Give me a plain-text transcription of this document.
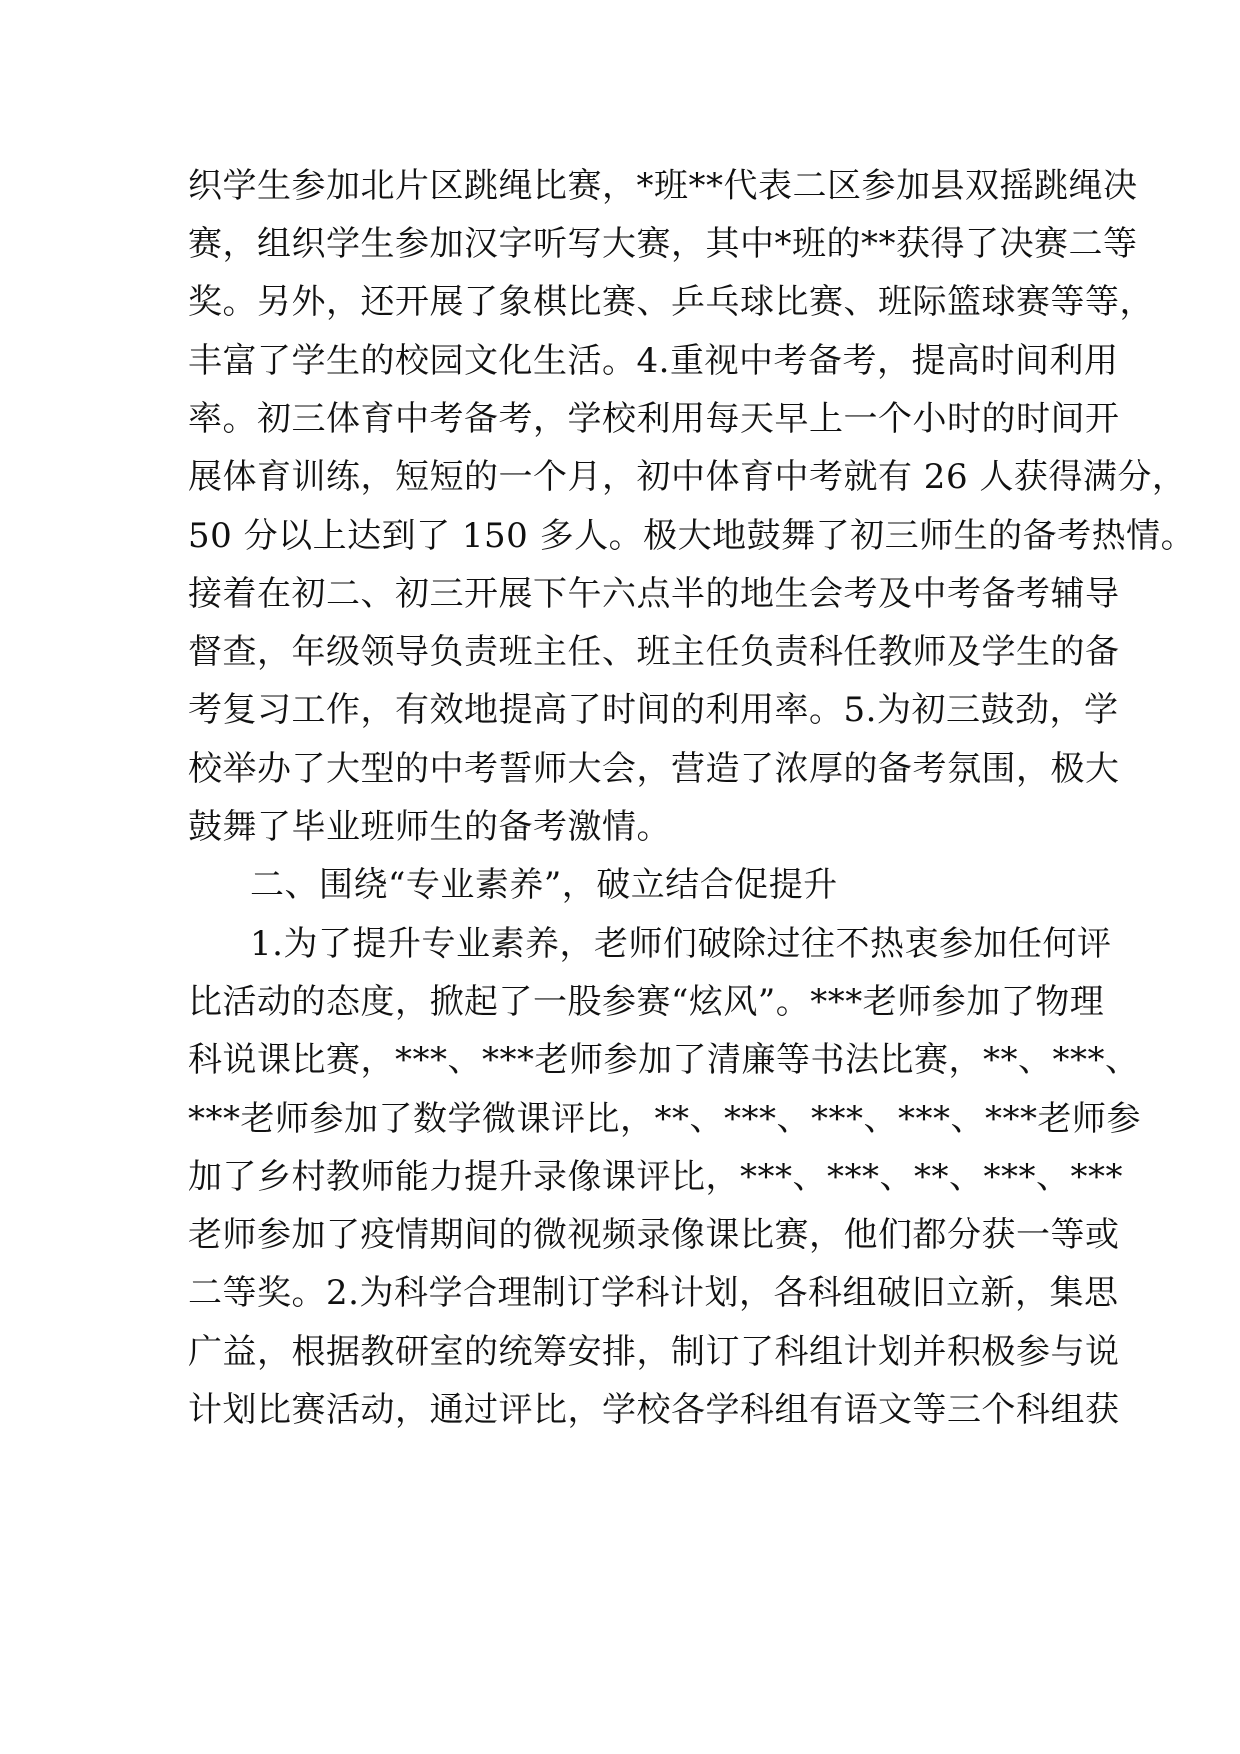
织学生参加北片区跳绳比赛，*班**代表二区参加县双摇跳绳决
赛，组织学生参加汉字听写大赛，其中*班的**获得了决赛二等
奖。另外，还开展了象棋比赛、乒乓球比赛、班际篮球赛等等，
丰富了学生的校园文化生活。4.重视中考备考，提高时间利用
率。初三体育中考备考，学校利用每天早上一个小时的时间开
展体育训练，短短的一个月，初中体育中考就有 26 人获得满分，
50 分以上达到了 150 多人。极大地鼓舞了初三师生的备考热情。
接着在初二、初三开展下午六点半的地生会考及中考备考辅导
督查，年级领导负责班主任、班主任负责科任教师及学生的备
考复习工作，有效地提高了时间的利用率。5.为初三鼓劲，学
校举办了大型的中考誓师大会，营造了浓厚的备考氛围，极大
鼓舞了毕业班师生的备考激情。
二、围绕“专业素养”，破立结合促提升
1.为了提升专业素养，老师们破除过往不热衷参加任何评
比活动的态度，掀起了一股参赛“炫风”。***老师参加了物理
科说课比赛，***、***老师参加了清廉等书法比赛，**、***、
***老师参加了数学微课评比，**、***、***、***、***老师参
加了乡村教师能力提升录像课评比，***、***、**、***、***
老师参加了疫情期间的微视频录像课比赛，他们都分获一等或
二等奖。2.为科学合理制订学科计划，各科组破旧立新，集思
广益，根据教研室的统筹安排，制订了科组计划并积极参与说
计划比赛活动，通过评比，学校各学科组有语文等三个科组获
